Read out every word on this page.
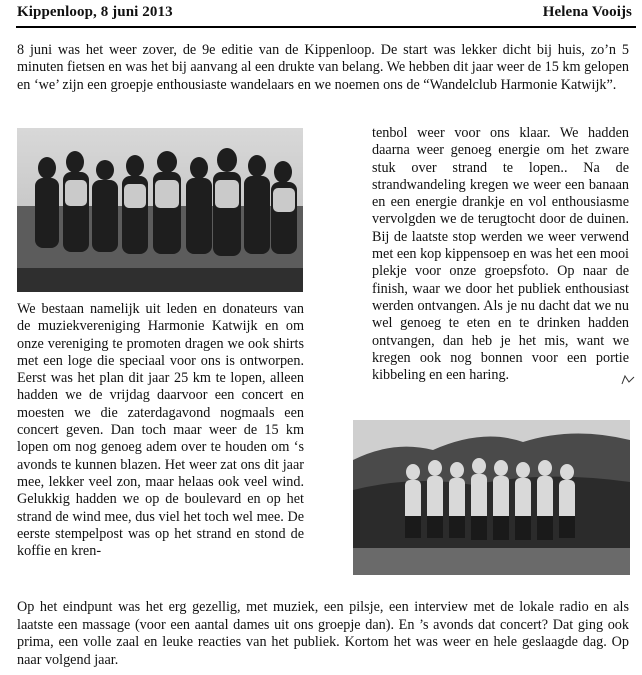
Kippenloop, 8 juni 2013	Helena Vooijs

8 juni was het weer zover, de 9e editie van de Kippenloop. De start was lekker dicht bij huis, zo’n 5 minuten fietsen en was het bij aanvang al een drukte van belang. We hebben dit jaar weer de 15 km gelopen en ‘we’ zijn een groepje enthousiaste wandelaars en we noemen ons de “Wandelclub Harmonie Katwijk”.

We bestaan namelijk uit leden en donateurs van de muziekvereniging Harmonie Katwijk en om onze vereniging te promoten dragen we ook shirts met een loge die speciaal voor ons is ontworpen. Eerst was het plan dit jaar 25 km te lopen, alleen hadden we de vrijdag daarvoor een concert en moesten we die zaterdagavond nogmaals een concert geven. Dan toch maar weer de 15 km lopen om nog genoeg adem over te houden om ‘s avonds te kunnen blazen. Het weer zat ons dit jaar mee, lekker veel zon, maar helaas ook veel wind. Gelukkig hadden we op de boulevard en op het strand de wind mee, dus viel het toch wel mee. De eerste stempelpost was op het strand en stond de koffie en kren-

tenbol weer voor ons klaar. We hadden daarna weer genoeg energie om het zware stuk over strand te lopen.. Na de strandwandeling kregen we weer een banaan en een energie drankje en vol enthousiasme vervolgden we de terugtocht door de duinen. Bij de laatste stop werden we weer verwend met een kop kippensoep en was het een mooi plekje voor onze groepsfoto. Op naar de finish, waar we door het publiek enthousiast werden ontvangen. Als je nu dacht dat we nu wel genoeg te eten en te drinken hadden ontvangen, dan heb je het mis, want we kregen ook nog bonnen voor een portie kibbeling en een haring.

Op het eindpunt was het erg gezellig, met muziek, een pilsje, een interview met de lokale radio en als laatste een massage (voor een aantal dames uit ons groepje dan). En ’s avonds dat concert? Dat ging ook prima, een volle zaal en leuke reacties van het publiek. Kortom het was weer en hele geslaagde dag. Op naar volgend jaar.
